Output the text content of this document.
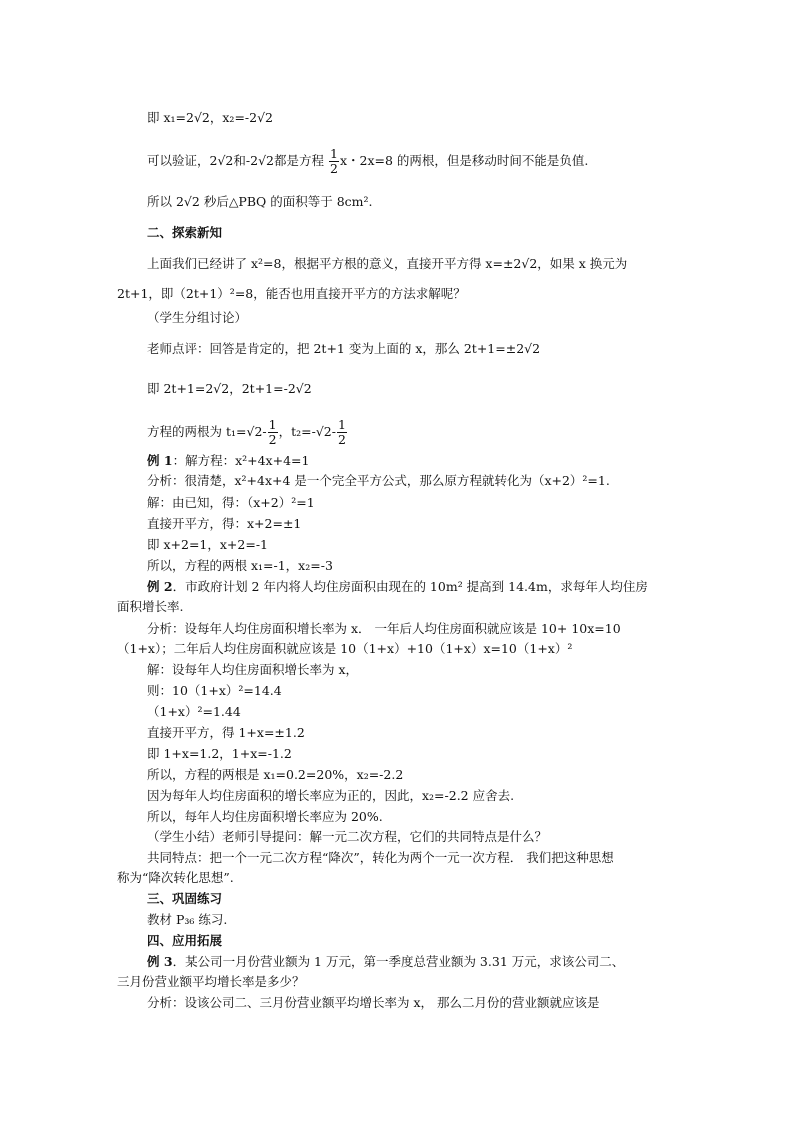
即 x₁=2√2，x₂=-2√2
可以验证，2√2和-2√2都是方程 $\frac{1}{2}$ x・2x=8 的两根，但是移动时间不能是负值.
所以 2√2 秒后△PBQ 的面积等于 8cm².
二、探索新知
上面我们已经讲了 x²=8，根据平方根的意义，直接开平方得 x=±2√2，如果 x 换元为
2t+1，即（2t+1）²=8，能否也用直接开平方的方法求解呢？
（学生分组讨论）
老师点评：回答是肯定的，把 2t+1 变为上面的 x，那么 2t+1=±2√2
即 2t+1=2√2，2t+1=-2√2
方程的两根为 $t_1=√2- \frac{1}{2}$ ，$t_2=-√2- \frac{1}{2}$
例 1：解方程：x²+4x+4=1
分析：很清楚，x²+4x+4 是一个完全平方公式，那么原方程就转化为（x+2）²=1.
解：由已知，得：（x+2）²=1
直接开平方，得：x+2=±1
即 x+2=1，x+2=-1
所以，方程的两根 x₁=-1，x₂=-3
例 2．市政府计划 2 年内将人均住房面积由现在的 10m² 提高到 14.4m，求每年人均住房
面积增长率.
分析：设每年人均住房面积增长率为 x． 一年后人均住房面积就应该是 10+ 10x=10
（1+x）；二年后人均住房面积就应该是 10（1+x）+10（1+x）x=10（1+x）²
解：设每年人均住房面积增长率为 x，
则：10（1+x）²=14.4
（1+x）²=1.44
直接开平方，得 1+x=±1.2
即 1+x=1.2，1+x=-1.2
所以，方程的两根是 x₁=0.2=20%，x₂=-2.2
因为每年人均住房面积的增长率应为正的，因此，x₂=-2.2 应舍去.
所以，每年人均住房面积增长率应为 20%.
（学生小结）老师引导提问：解一元二次方程，它们的共同特点是什么？
共同特点：把一个一元二次方程“降次”，转化为两个一元一次方程． 我们把这种思想
称为“降次转化思想”.
三、巩固练习
教材 P₃₆ 练习.
四、应用拓展
例 3．某公司一月份营业额为 1 万元，第一季度总营业额为 3.31 万元，求该公司二、
三月份营业额平均增长率是多少？
分析：设该公司二、三月份营业额平均增长率为 x， 那么二月份的营业额就应该是
